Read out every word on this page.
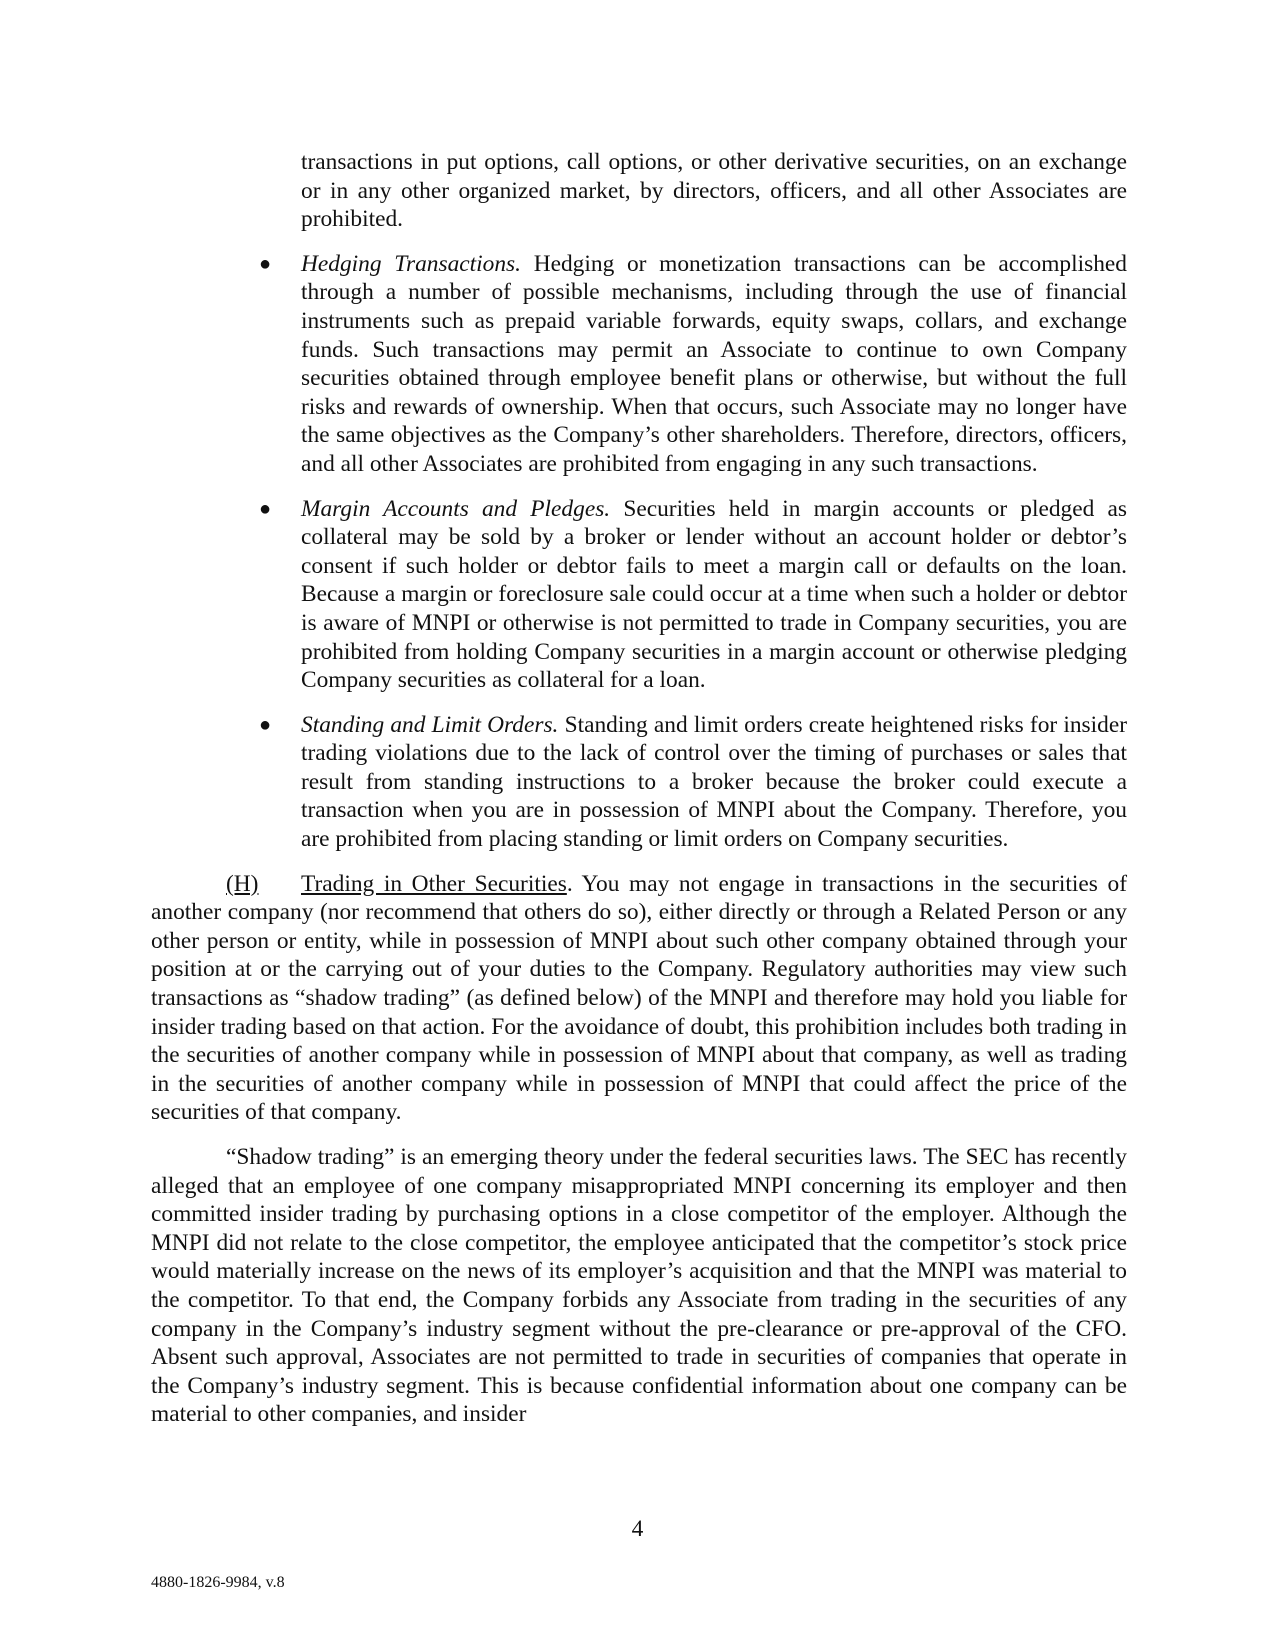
transactions in put options, call options, or other derivative securities, on an exchange or in any other organized market, by directors, officers, and all other Associates are prohibited.

●	Hedging Transactions. Hedging or monetization transactions can be accomplished through a number of possible mechanisms, including through the use of financial instruments such as prepaid variable forwards, equity swaps, collars, and exchange funds. Such transactions may permit an Associate to continue to own Company securities obtained through employee benefit plans or otherwise, but without the full risks and rewards of ownership. When that occurs, such Associate may no longer have the same objectives as the Company’s other shareholders. Therefore, directors, officers, and all other Associates are prohibited from engaging in any such transactions.

●	Margin Accounts and Pledges. Securities held in margin accounts or pledged as collateral may be sold by a broker or lender without an account holder or debtor’s consent if such holder or debtor fails to meet a margin call or defaults on the loan. Because a margin or foreclosure sale could occur at a time when such a holder or debtor is aware of MNPI or otherwise is not permitted to trade in Company securities, you are prohibited from holding Company securities in a margin account or otherwise pledging Company securities as collateral for a loan.

●	Standing and Limit Orders. Standing and limit orders create heightened risks for insider trading violations due to the lack of control over the timing of purchases or sales that result from standing instructions to a broker because the broker could execute a transaction when you are in possession of MNPI about the Company. Therefore, you are prohibited from placing standing or limit orders on Company securities.

(H) Trading in Other Securities. You may not engage in transactions in the securities of another company (nor recommend that others do so), either directly or through a Related Person or any other person or entity, while in possession of MNPI about such other company obtained through your position at or the carrying out of your duties to the Company. Regulatory authorities may view such transactions as “shadow trading” (as defined below) of the MNPI and therefore may hold you liable for insider trading based on that action. For the avoidance of doubt, this prohibition includes both trading in the securities of another company while in possession of MNPI about that company, as well as trading in the securities of another company while in possession of MNPI that could affect the price of the securities of that company.

“Shadow trading” is an emerging theory under the federal securities laws. The SEC has recently alleged that an employee of one company misappropriated MNPI concerning its employer and then committed insider trading by purchasing options in a close competitor of the employer. Although the MNPI did not relate to the close competitor, the employee anticipated that the competitor’s stock price would materially increase on the news of its employer’s acquisition and that the MNPI was material to the competitor. To that end, the Company forbids any Associate from trading in the securities of any company in the Company’s industry segment without the pre-clearance or pre-approval of the CFO. Absent such approval, Associates are not permitted to trade in securities of companies that operate in the Company’s industry segment. This is because confidential information about one company can be material to other companies, and insider

4
4880-1826-9984, v.8
